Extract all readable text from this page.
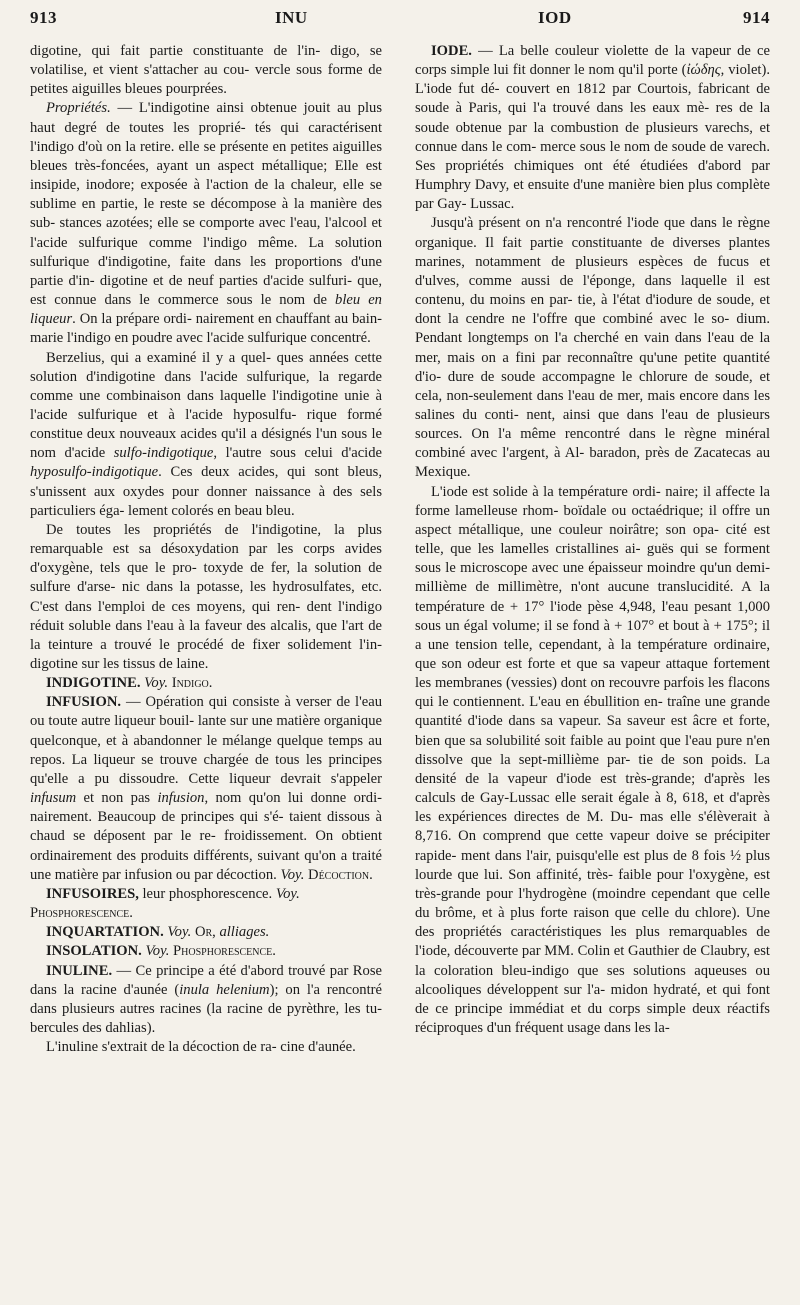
913	INU	IOD	914

digotine, qui fait partie constituante de l'in- digo, se volatilise, et vient s'attacher au cou- vercle sous forme de petites aiguilles bleues pourprées.

Propriétés. — L'indigotine ainsi obtenue jouit au plus haut degré de toutes les proprié- tés qui caractérisent l'indigo d'où on la retire. elle se présente en petites aiguilles bleues très-foncées, ayant un aspect métallique; Elle est insipide, inodore; exposée à l'action de la chaleur, elle se sublime en partie, le reste se décompose à la manière des sub- stances azotées; elle se comporte avec l'eau, l'alcool et l'acide sulfurique comme l'indigo même. La solution sulfurique d'indigotine, faite dans les proportions d'une partie d'in- digotine et de neuf parties d'acide sulfuri- que, est connue dans le commerce sous le nom de bleu en liqueur. On la prépare ordi- nairement en chauffant au bain-marie l'indigo en poudre avec l'acide sulfurique concentré.

Berzelius, qui a examiné il y a quel- ques années cette solution d'indigotine dans l'acide sulfurique, la regarde comme une combinaison dans laquelle l'indigotine unie à l'acide sulfurique et à l'acide hyposulfu- rique formé constitue deux nouveaux acides qu'il a désignés l'un sous le nom d'acide sulfo-indigotique, l'autre sous celui d'acide hyposulfo-indigotique. Ces deux acides, qui sont bleus, s'unissent aux oxydes pour donner naissance à des sels particuliers éga- lement colorés en beau bleu.

De toutes les propriétés de l'indigotine, la plus remarquable est sa désoxydation par les corps avides d'oxygène, tels que le pro- toxyde de fer, la solution de sulfure d'arse- nic dans la potasse, les hydrosulfates, etc. C'est dans l'emploi de ces moyens, qui ren- dent l'indigo réduit soluble dans l'eau à la faveur des alcalis, que l'art de la teinture a trouvé le procédé de fixer solidement l'in- digotine sur les tissus de laine.

INDIGOTINE. Voy. Indigo.

INFUSION. — Opération qui consiste à verser de l'eau ou toute autre liqueur bouil- lante sur une matière organique quelconque, et à abandonner le mélange quelque temps au repos. La liqueur se trouve chargée de tous les principes qu'elle a pu dissoudre. Cette liqueur devrait s'appeler infusum et non pas infusion, nom qu'on lui donne ordi- nairement. Beaucoup de principes qui s'é- taient dissous à chaud se déposent par le re- froidissement. On obtient ordinairement des produits différents, suivant qu'on a traité une matière par infusion ou par décoction. Voy. Décoction.

INFUSOIRES, leur phosphorescence. Voy.
Phosphorescence.

INQUARTATION. Voy. Or, alliages.

INSOLATION. Voy. Phosphorescence.

INULINE. — Ce principe a été d'abord trouvé par Rose dans la racine d'aunée (inula helenium); on l'a rencontré dans plusieurs autres racines (la racine de pyrèthre, les tu- bercules des dahlias).

L'inuline s'extrait de la décoction de ra- cine d'aunée.

IODE. — La belle couleur violette de la vapeur de ce corps simple lui fit donner le nom qu'il porte (ἰώδης, violet). L'iode fut dé- couvert en 1812 par Courtois, fabricant de soude à Paris, qui l'a trouvé dans les eaux mè- res de la soude obtenue par la combustion de plusieurs varechs, et connue dans le com- merce sous le nom de soude de varech. Ses propriétés chimiques ont été étudiées d'abord par Humphry Davy, et ensuite d'une manière bien plus complète par Gay- Lussac.

Jusqu'à présent on n'a rencontré l'iode que dans le règne organique. Il fait partie constituante de diverses plantes marines, notamment de plusieurs espèces de fucus et d'ulves, comme aussi de l'éponge, dans laquelle il est contenu, du moins en par- tie, à l'état d'iodure de soude, et dont la cendre ne l'offre que combiné avec le so- dium. Pendant longtemps on l'a cherché en vain dans l'eau de la mer, mais on a fini par reconnaître qu'une petite quantité d'io- dure de soude accompagne le chlorure de soude, et cela, non-seulement dans l'eau de mer, mais encore dans les salines du conti- nent, ainsi que dans l'eau de plusieurs sources. On l'a même rencontré dans le règne minéral combiné avec l'argent, à Al- baradon, près de Zacatecas au Mexique.

L'iode est solide à la température ordi- naire; il affecte la forme lamelleuse rhom- boïdale ou octaédrique; il offre un aspect métallique, une couleur noirâtre; son opa- cité est telle, que les lamelles cristallines ai- guës qui se forment sous le microscope avec une épaisseur moindre qu'un demi-millième de millimètre, n'ont aucune translucidité. A la température de + 17° l'iode pèse 4,948, l'eau pesant 1,000 sous un égal volume; il se fond à + 107° et bout à + 175°; il a une tension telle, cependant, à la température ordinaire, que son odeur est forte et que sa vapeur attaque fortement les membranes (vessies) dont on recouvre parfois les flacons qui le contiennent. L'eau en ébullition en- traîne une grande quantité d'iode dans sa vapeur. Sa saveur est âcre et forte, bien que sa solubilité soit faible au point que l'eau pure n'en dissolve que la sept-millième par- tie de son poids. La densité de la vapeur d'iode est très-grande; d'après les calculs de Gay-Lussac elle serait égale à 8, 618, et d'après les expériences directes de M. Du- mas elle s'élèverait à 8,716. On comprend que cette vapeur doive se précipiter rapide- ment dans l'air, puisqu'elle est plus de 8 fois ½ plus lourde que lui. Son affinité, très- faible pour l'oxygène, est très-grande pour l'hydrogène (moindre cependant que celle du brôme, et à plus forte raison que celle du chlore). Une des propriétés caractéristiques les plus remarquables de l'iode, découverte par MM. Colin et Gauthier de Claubry, est la coloration bleu-indigo que ses solutions aqueuses ou alcooliques développent sur l'a- midon hydraté, et qui font de ce principe immédiat et du corps simple deux réactifs réciproques d'un fréquent usage dans les la-
